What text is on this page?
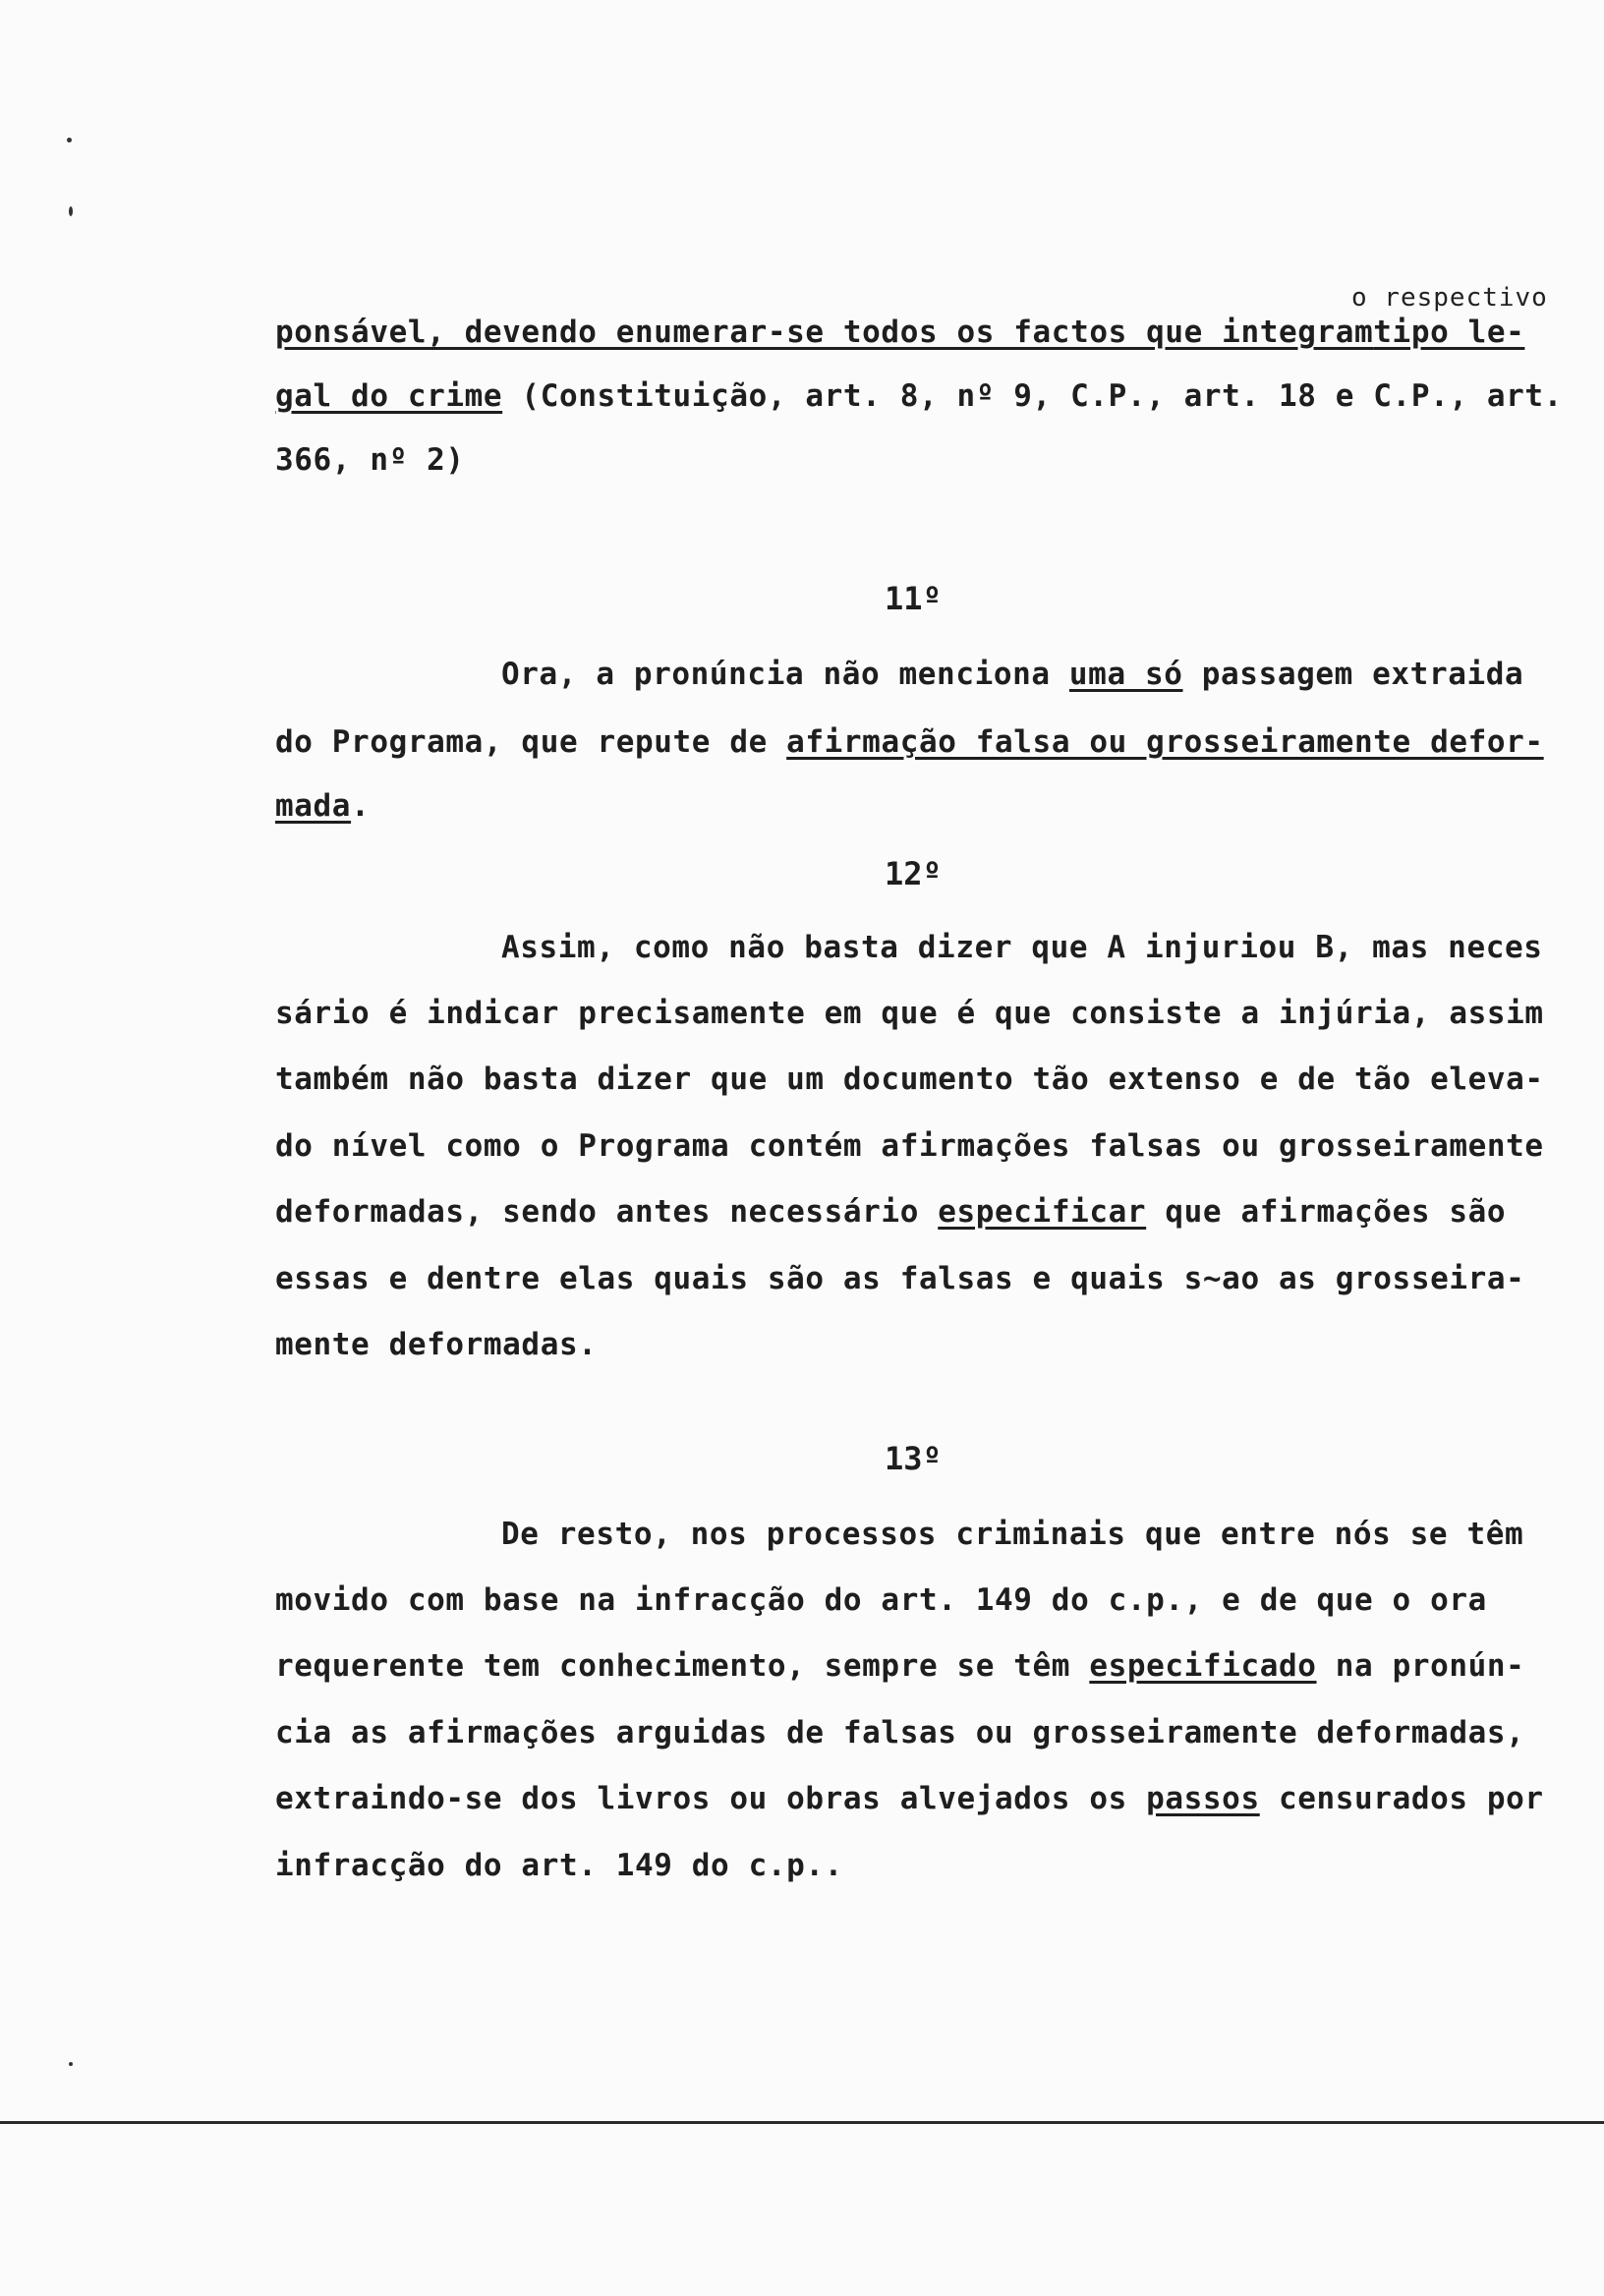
o respectivo
ponsável, devendo enumerar-se todos os factos que integramtipo le-
gal do crime (Constituição, art. 8, nº 9, C.P., art. 18 e C.P., art.
366, nº 2)
11º
Ora, a pronúncia não menciona uma só passagem extraida
do Programa, que repute de afirmação falsa ou grosseiramente defor-
mada.
12º
Assim, como não basta dizer que A injuriou B, mas neces
sário é indicar precisamente em que é que consiste a injúria, assim
também não basta dizer que um documento tão extenso e de tão eleva-
do nível como o Programa contém afirmações falsas ou grosseiramente
deformadas, sendo antes necessário especificar que afirmações são
essas e dentre elas quais são as falsas e quais s~ao as grosseira-
mente deformadas.
13º
De resto, nos processos criminais que entre nós se têm
movido com base na infracção do art. 149 do c.p., e de que o ora
requerente tem conhecimento, sempre se têm especificado na pronún-
cia as afirmações arguidas de falsas ou grosseiramente deformadas,
extraindo-se dos livros ou obras alvejados os passos censurados por
infracção do art. 149 do c.p..
